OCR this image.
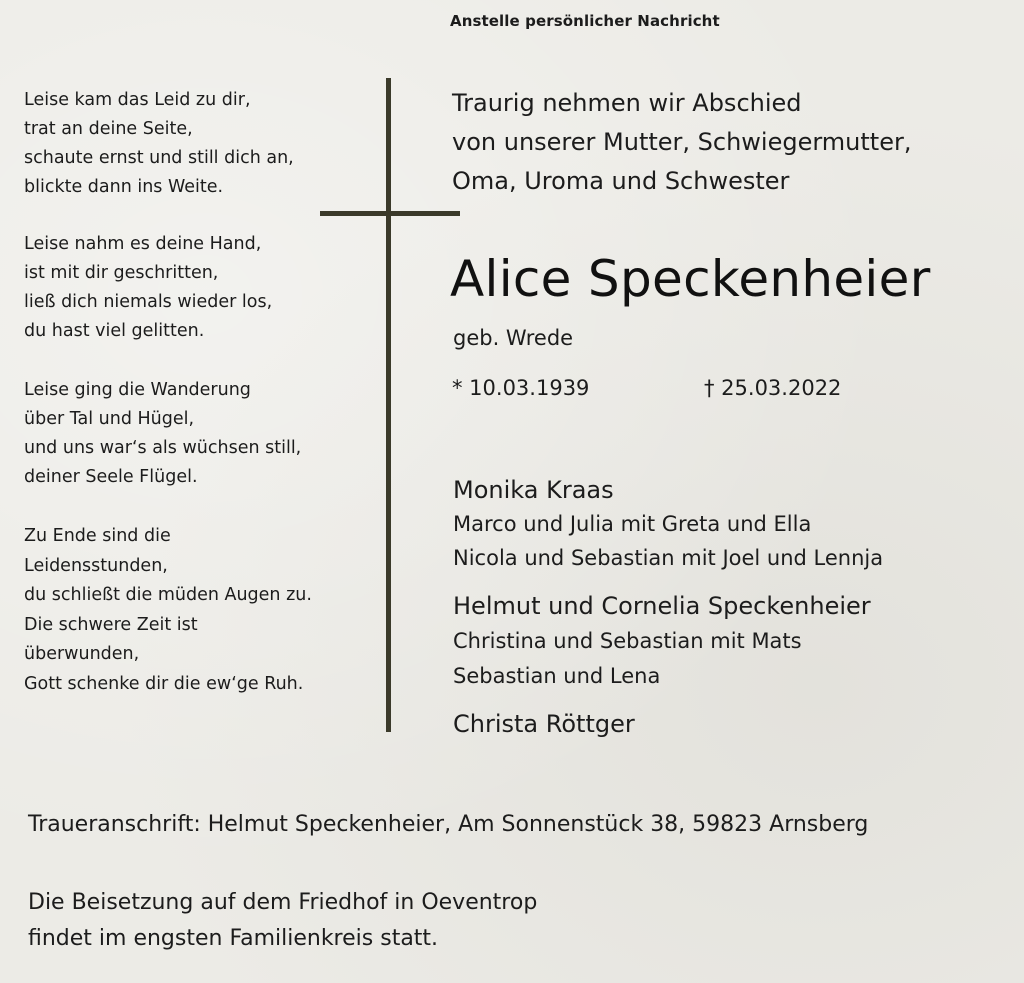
Anstelle persönlicher Nachricht
Leise kam das Leid zu dir,
trat an deine Seite,
schaute ernst und still dich an,
blickte dann ins Weite.
Leise nahm es deine Hand,
ist mit dir geschritten,
ließ dich niemals wieder los,
du hast viel gelitten.
Leise ging die Wanderung
über Tal und Hügel,
und uns war‘s als wüchsen still,
deiner Seele Flügel.
Zu Ende sind die
Leidensstunden,
du schließt die müden Augen zu.
Die schwere Zeit ist
überwunden,
Gott schenke dir die ew‘ge Ruh.
Traurig nehmen wir Abschied
von unserer Mutter, Schwiegermutter,
Oma, Uroma und Schwester
Alice Speckenheier
geb. Wrede
* 10.03.1939	† 25.03.2022
Monika Kraas
Marco und Julia mit Greta und Ella
Nicola und Sebastian mit Joel und Lennja
Helmut und Cornelia Speckenheier
Christina und Sebastian mit Mats
Sebastian und Lena
Christa Röttger
Traueranschrift: Helmut Speckenheier, Am Sonnenstück 38, 59823 Arnsberg
Die Beisetzung auf dem Friedhof in Oeventrop
findet im engsten Familienkreis statt.
